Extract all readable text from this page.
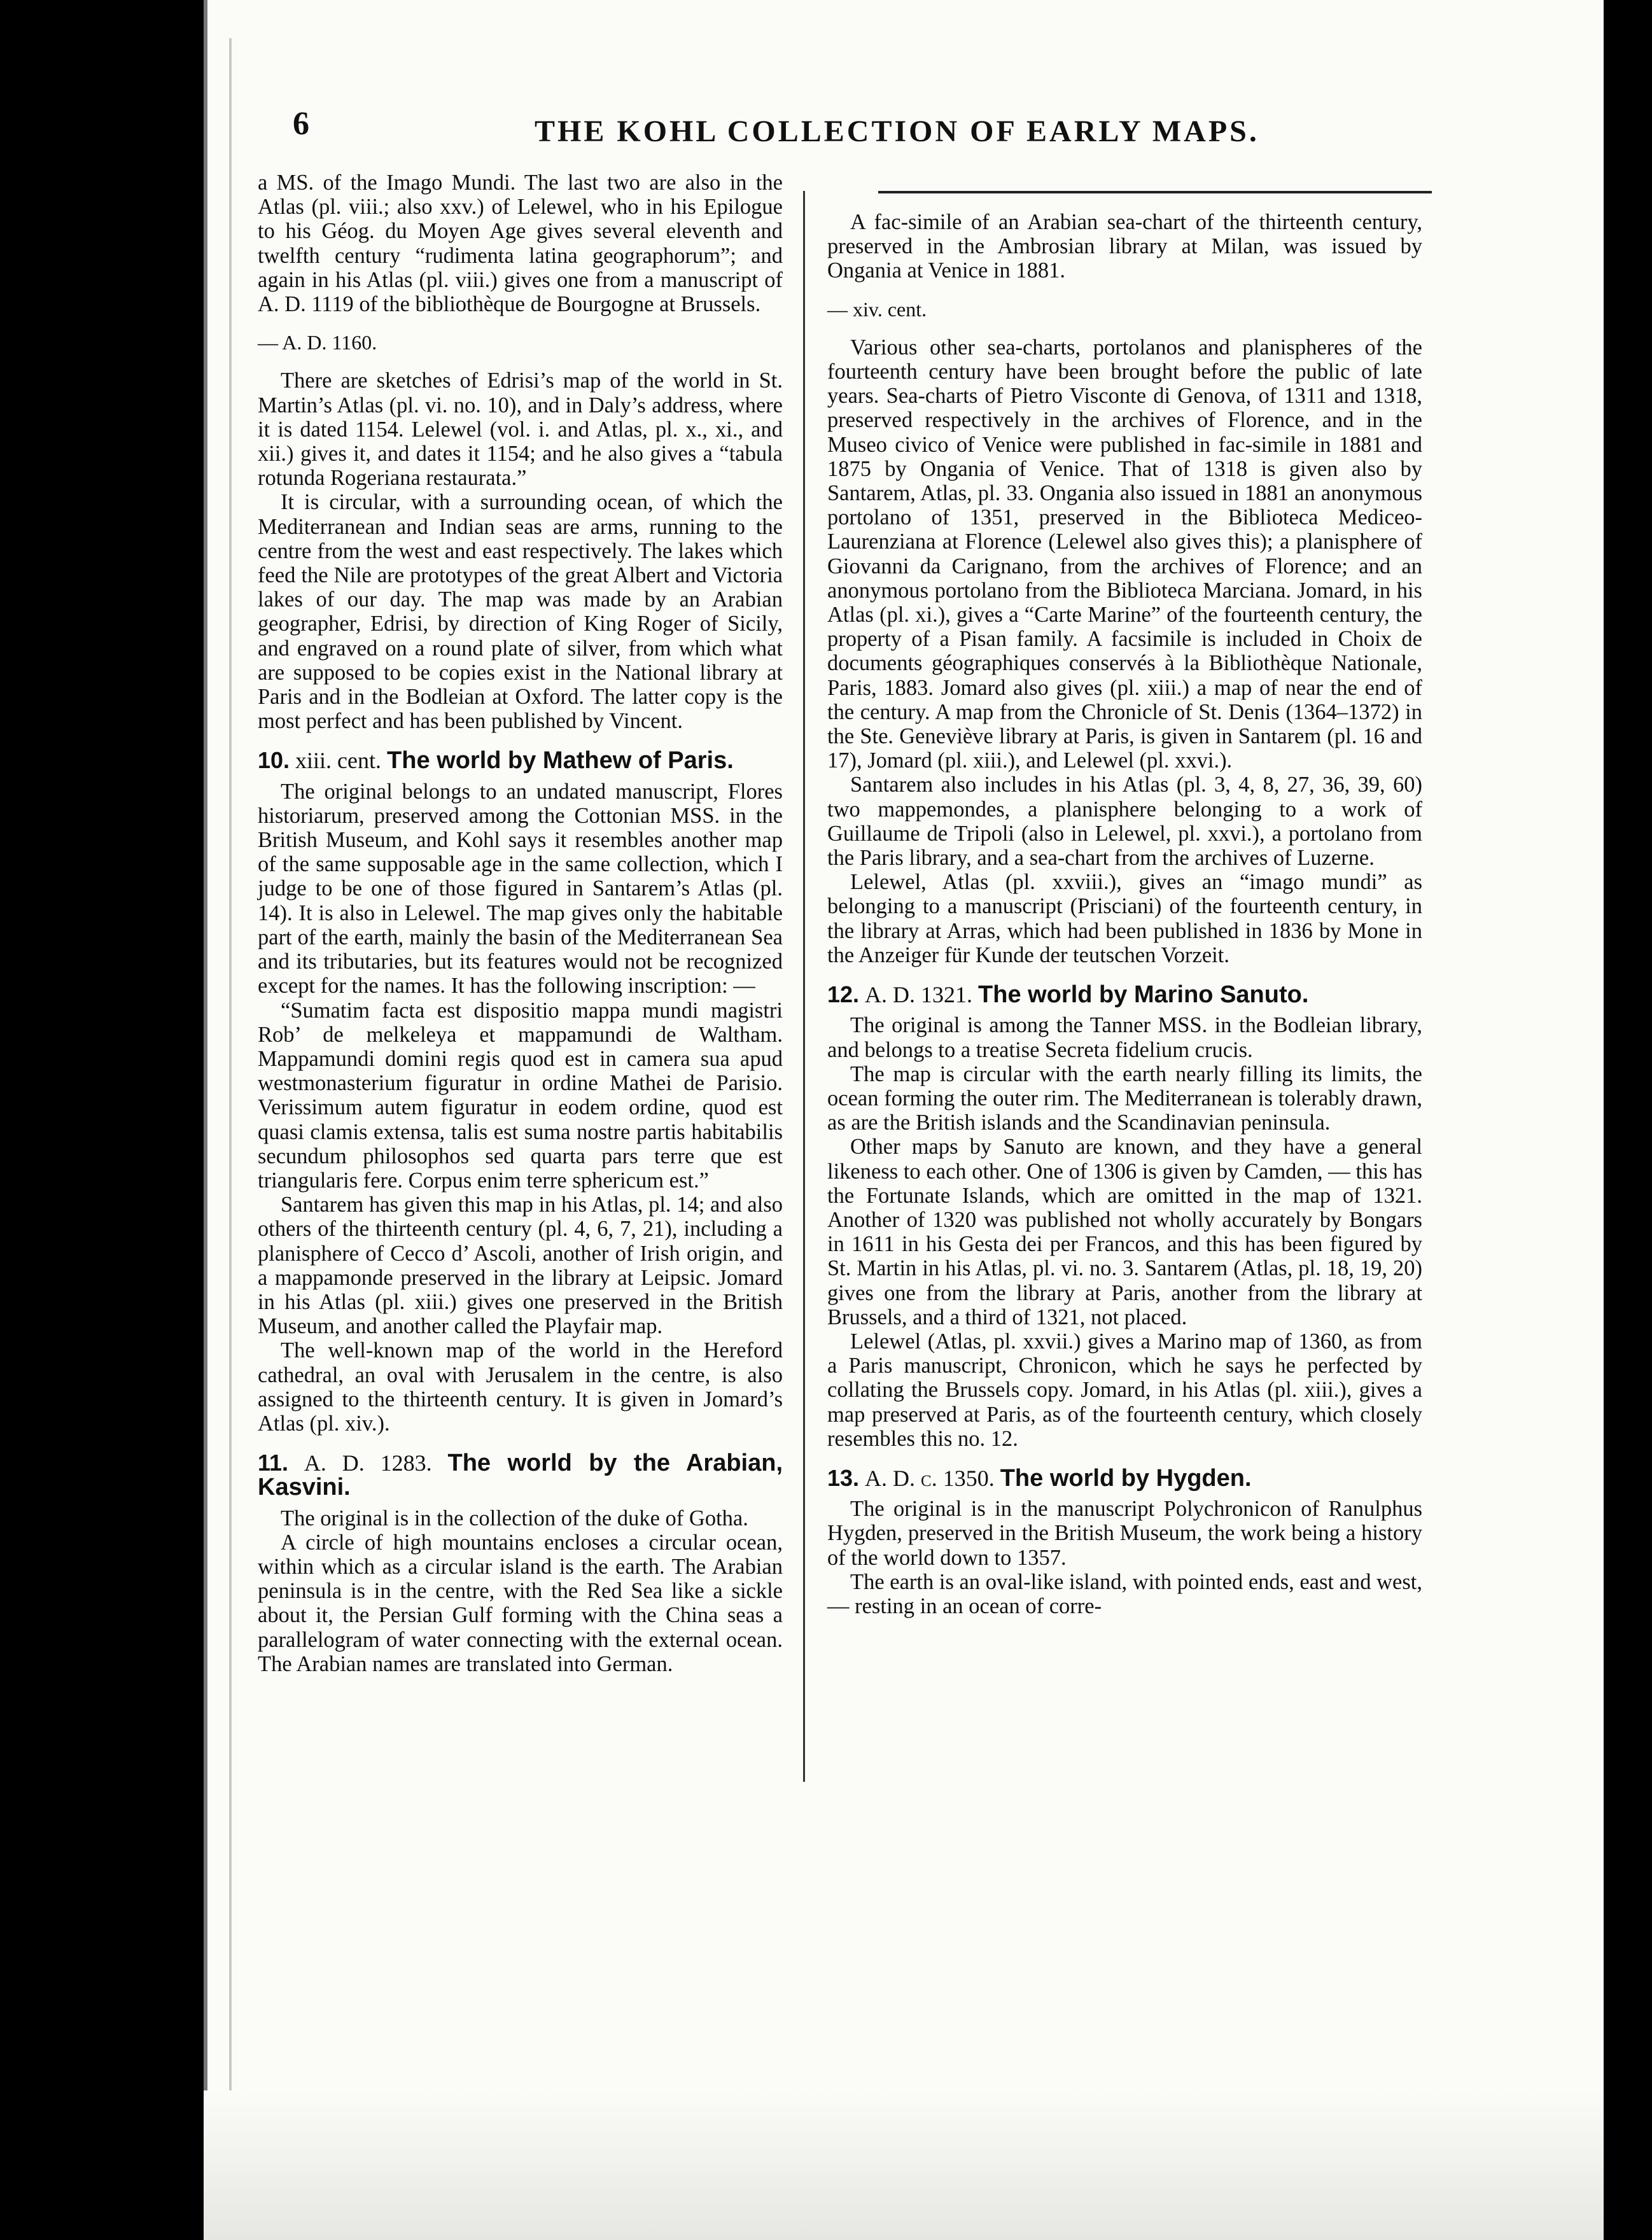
6	THE KOHL COLLECTION OF EARLY MAPS.

a MS. of the Imago Mundi. The last two are also in the Atlas (pl. viii.; also xxv.) of Lelewel, who in his Epilogue to his Géog. du Moyen Age gives several eleventh and twelfth century “rudimenta latina geographorum”; and again in his Atlas (pl. viii.) gives one from a manuscript of A. D. 1119 of the bibliothèque de Bourgogne at Brussels.

— A. D. 1160.

There are sketches of Edrisi’s map of the world in St. Martin’s Atlas (pl. vi. no. 10), and in Daly’s address, where it is dated 1154. Lelewel (vol. i. and Atlas, pl. x., xi., and xii.) gives it, and dates it 1154; and he also gives a “tabula rotunda Rogeriana restaurata.”

It is circular, with a surrounding ocean, of which the Mediterranean and Indian seas are arms, running to the centre from the west and east respectively. The lakes which feed the Nile are prototypes of the great Albert and Victoria lakes of our day. The map was made by an Arabian geographer, Edrisi, by direction of King Roger of Sicily, and engraved on a round plate of silver, from which what are supposed to be copies exist in the National library at Paris and in the Bodleian at Oxford. The latter copy is the most perfect and has been published by Vincent.

10. xiii. cent. The world by Mathew of Paris.

The original belongs to an undated manuscript, Flores historiarum, preserved among the Cottonian MSS. in the British Museum, and Kohl says it resembles another map of the same supposable age in the same collection, which I judge to be one of those figured in Santarem’s Atlas (pl. 14). It is also in Lelewel. The map gives only the habitable part of the earth, mainly the basin of the Mediterranean Sea and its tributaries, but its features would not be recognized except for the names. It has the following inscription: —

“Sumatim facta est dispositio mappa mundi magistri Rob’ de melkeleya et mappamundi de Waltham. Mappamundi domini regis quod est in camera sua apud westmonasterium figuratur in ordine Mathei de Parisio. Verissimum autem figuratur in eodem ordine, quod est quasi clamis extensa, talis est suma nostre partis habitabilis secundum philosophos sed quarta pars terre que est triangularis fere. Corpus enim terre sphericum est.”

Santarem has given this map in his Atlas, pl. 14; and also others of the thirteenth century (pl. 4, 6, 7, 21), including a planisphere of Cecco d’ Ascoli, another of Irish origin, and a mappamonde preserved in the library at Leipsic. Jomard in his Atlas (pl. xiii.) gives one preserved in the British Museum, and another called the Playfair map.

The well-known map of the world in the Hereford cathedral, an oval with Jerusalem in the centre, is also assigned to the thirteenth century. It is given in Jomard’s Atlas (pl. xiv.).

11. A. D. 1283. The world by the Arabian, Kasvini.

The original is in the collection of the duke of Gotha.

A circle of high mountains encloses a circular ocean, within which as a circular island is the earth. The Arabian peninsula is in the centre, with the Red Sea like a sickle about it, the Persian Gulf forming with the China seas a parallelogram of water connecting with the external ocean. The Arabian names are translated into German.

A fac-simile of an Arabian sea-chart of the thirteenth century, preserved in the Ambrosian library at Milan, was issued by Ongania at Venice in 1881.

— xiv. cent.

Various other sea-charts, portolanos and planispheres of the fourteenth century have been brought before the public of late years. Sea-charts of Pietro Visconte di Genova, of 1311 and 1318, preserved respectively in the archives of Florence, and in the Museo civico of Venice were published in fac-simile in 1881 and 1875 by Ongania of Venice. That of 1318 is given also by Santarem, Atlas, pl. 33. Ongania also issued in 1881 an anonymous portolano of 1351, preserved in the Biblioteca Mediceo-Laurenziana at Florence (Lelewel also gives this); a planisphere of Giovanni da Carignano, from the archives of Florence; and an anonymous portolano from the Biblioteca Marciana. Jomard, in his Atlas (pl. xi.), gives a “Carte Marine” of the fourteenth century, the property of a Pisan family. A facsimile is included in Choix de documents géographiques conservés à la Bibliothèque Nationale, Paris, 1883. Jomard also gives (pl. xiii.) a map of near the end of the century. A map from the Chronicle of St. Denis (1364–1372) in the Ste. Geneviève library at Paris, is given in Santarem (pl. 16 and 17), Jomard (pl. xiii.), and Lelewel (pl. xxvi.).

Santarem also includes in his Atlas (pl. 3, 4, 8, 27, 36, 39, 60) two mappemondes, a planisphere belonging to a work of Guillaume de Tripoli (also in Lelewel, pl. xxvi.), a portolano from the Paris library, and a sea-chart from the archives of Luzerne.

Lelewel, Atlas (pl. xxviii.), gives an “imago mundi” as belonging to a manuscript (Prisciani) of the fourteenth century, in the library at Arras, which had been published in 1836 by Mone in the Anzeiger für Kunde der teutschen Vorzeit.

12. A. D. 1321. The world by Marino Sanuto.

The original is among the Tanner MSS. in the Bodleian library, and belongs to a treatise Secreta fidelium crucis.

The map is circular with the earth nearly filling its limits, the ocean forming the outer rim. The Mediterranean is tolerably drawn, as are the British islands and the Scandinavian peninsula.

Other maps by Sanuto are known, and they have a general likeness to each other. One of 1306 is given by Camden, — this has the Fortunate Islands, which are omitted in the map of 1321. Another of 1320 was published not wholly accurately by Bongars in 1611 in his Gesta dei per Francos, and this has been figured by St. Martin in his Atlas, pl. vi. no. 3. Santarem (Atlas, pl. 18, 19, 20) gives one from the library at Paris, another from the library at Brussels, and a third of 1321, not placed.

Lelewel (Atlas, pl. xxvii.) gives a Marino map of 1360, as from a Paris manuscript, Chronicon, which he says he perfected by collating the Brussels copy. Jomard, in his Atlas (pl. xiii.), gives a map preserved at Paris, as of the fourteenth century, which closely resembles this no. 12.

13. A. D. c. 1350. The world by Hygden.

The original is in the manuscript Polychronicon of Ranulphus Hygden, preserved in the British Museum, the work being a history of the world down to 1357.

The earth is an oval-like island, with pointed ends, east and west, — resting in an ocean of corre-
